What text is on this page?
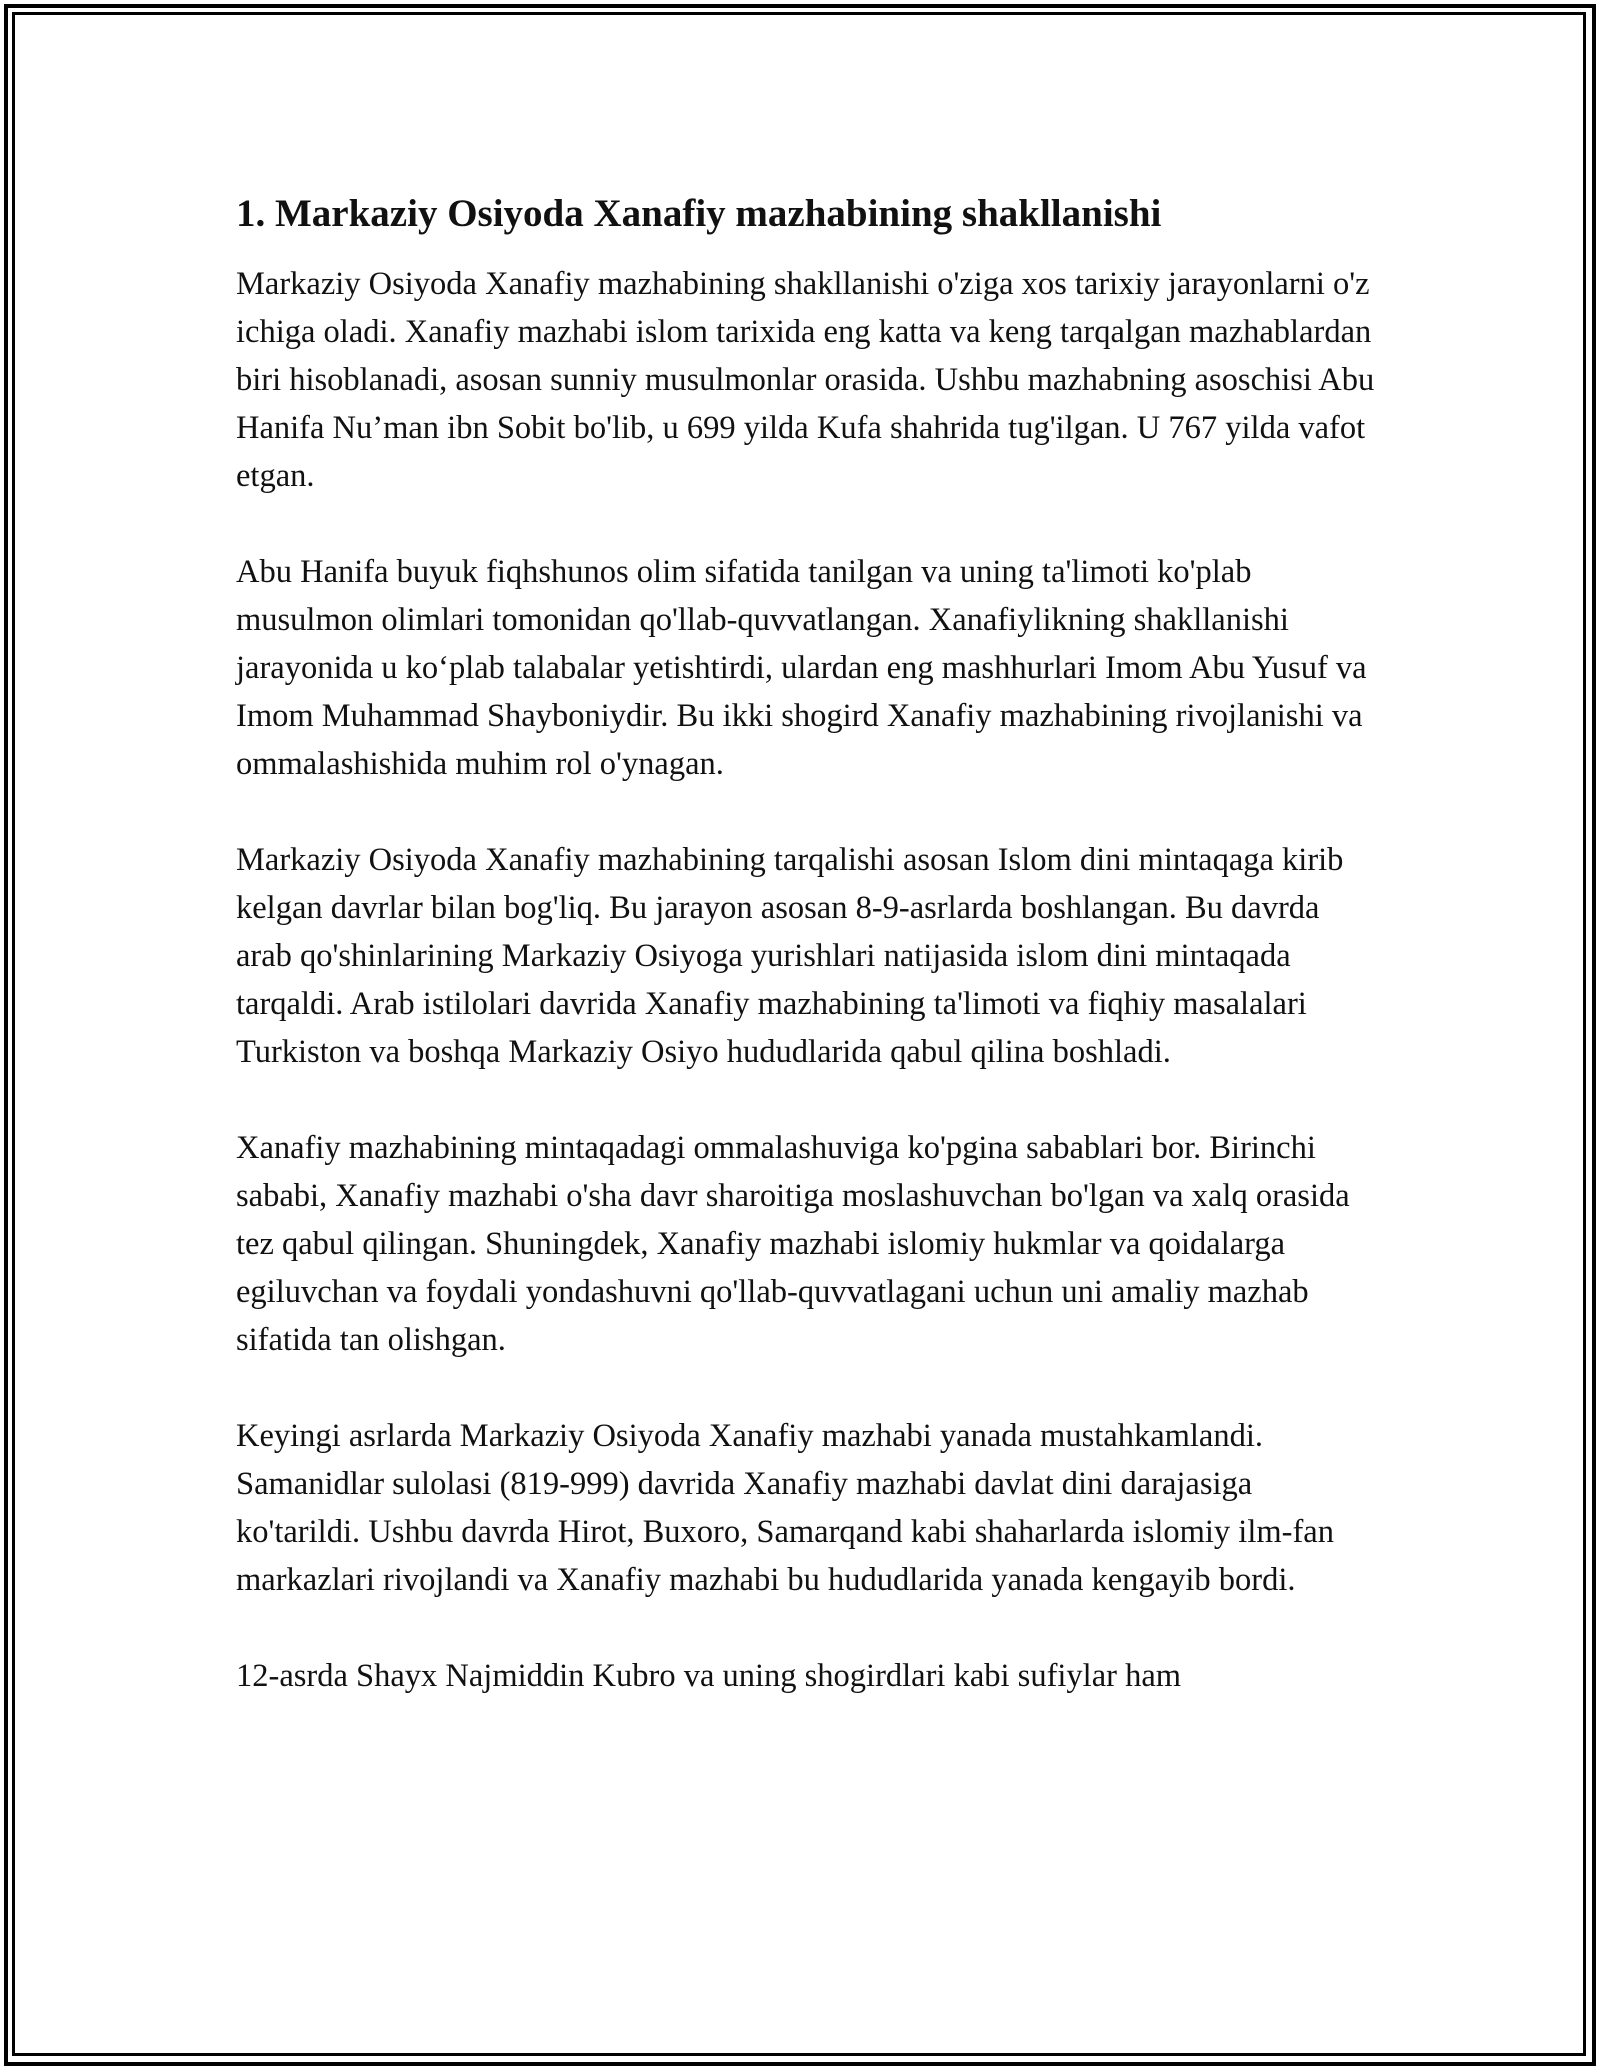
1. Markaziy Osiyoda Xanafiy mazhabining shakllanishi

Markaziy Osiyoda Xanafiy mazhabining shakllanishi o'ziga xos tarixiy jarayonlarni o'z ichiga oladi. Xanafiy mazhabi islom tarixida eng katta va keng tarqalgan mazhablardan biri hisoblanadi, asosan sunniy musulmonlar orasida. Ushbu mazhabning asoschisi Abu Hanifa Nu’man ibn Sobit bo'lib, u 699 yilda Kufa shahrida tug'ilgan. U 767 yilda vafot etgan.

Abu Hanifa buyuk fiqhshunos olim sifatida tanilgan va uning ta'limoti ko'plab musulmon olimlari tomonidan qo'llab-quvvatlangan. Xanafiylikning shakllanishi jarayonida u ko‘plab talabalar yetishtirdi, ulardan eng mashhurlari Imom Abu Yusuf va Imom Muhammad Shayboniydir. Bu ikki shogird Xanafiy mazhabining rivojlanishi va ommalashishida muhim rol o'ynagan.

Markaziy Osiyoda Xanafiy mazhabining tarqalishi asosan Islom dini mintaqaga kirib kelgan davrlar bilan bog'liq. Bu jarayon asosan 8-9-asrlarda boshlangan. Bu davrda arab qo'shinlarining Markaziy Osiyoga yurishlari natijasida islom dini mintaqada tarqaldi. Arab istilolari davrida Xanafiy mazhabining ta'limoti va fiqhiy masalalari Turkiston va boshqa Markaziy Osiyo hududlarida qabul qilina boshladi.

Xanafiy mazhabining mintaqadagi ommalashuviga ko'pgina sabablari bor. Birinchi sababi, Xanafiy mazhabi o'sha davr sharoitiga moslashuvchan bo'lgan va xalq orasida tez qabul qilingan. Shuningdek, Xanafiy mazhabi islomiy hukmlar va qoidalarga egiluvchan va foydali yondashuvni qo'llab-quvvatlagani uchun uni amaliy mazhab sifatida tan olishgan.

Keyingi asrlarda Markaziy Osiyoda Xanafiy mazhabi yanada mustahkamlandi. Samanidlar sulolasi (819-999) davrida Xanafiy mazhabi davlat dini darajasiga ko'tarildi. Ushbu davrda Hirot, Buxoro, Samarqand kabi shaharlarda islomiy ilm-fan markazlari rivojlandi va Xanafiy mazhabi bu hududlarida yanada kengayib bordi.

12-asrda Shayx Najmiddin Kubro va uning shogirdlari kabi sufiylar ham
